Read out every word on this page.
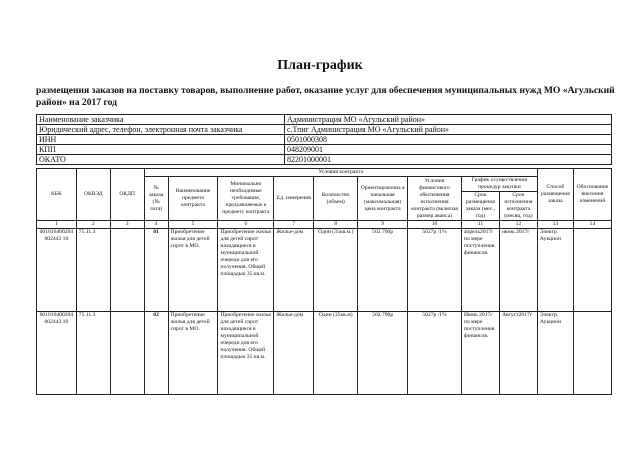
План-график
размещения заказов на поставку товаров, выполнение работ, оказание услуг для обеспечения муниципальных нужд МО «Агульский район» на 2017 год
Наименование заказчика	Администрация МО «Агульский район»
Юридический адрес, телефон, электронная почта заказчика	с.Тпиг Администрация МО «Агульский район»
ИНН	0501000308
КПП	048209001
ОКАТО	82201000001
КБК	ОКВЭД	ОКДП	Условия контракта									Способ размещения заказа	Обоснование внесения изменений
			№ заказа (№ лота)	Наименование предмета контракта	Минимально необходимые требования, предъявляемые к предмету контракта	Ед. измерения	Количество (объем)	Ориентировочна я начальная (максимальная) цена контракта	Условия финансового обеспечения исполнения контракта (включая размер аванса)	График осуществления процедур закупки			
										Срок размещения заказа (мес., год)	Срок исполнения контракта (месяц, год)		
1	2	3	4	5	6	7	8	9	10	11	12	13	14
001010400204002443 10	75.11.3		01	Приобретение жилья для детей сирот в МО.	Приобретение жилья для детей сирот находящиеся в муниципальной очереди для его получения. Общей площадью 35 кв.м.	Жилье-дом	Один (35кв.м.)	502 700р	5027р /1%	апрель2017г по мере поступления финансов.	июнь 2017г	Электр. Аукцион	
001010400204002443 10	75.11.3		02	Приобретение жилья для детей сирот в МО.	Приобретение жилья для детей сирот находящиеся в муниципальной очереди для его получения. Общей площадью 35 кв.м.	Жилье-дом	Один (35кв.м)	502 700р	5027р /1%	Июнь 2017г по мере поступления финансов.	Август2017г	Электр. Аукцион	
